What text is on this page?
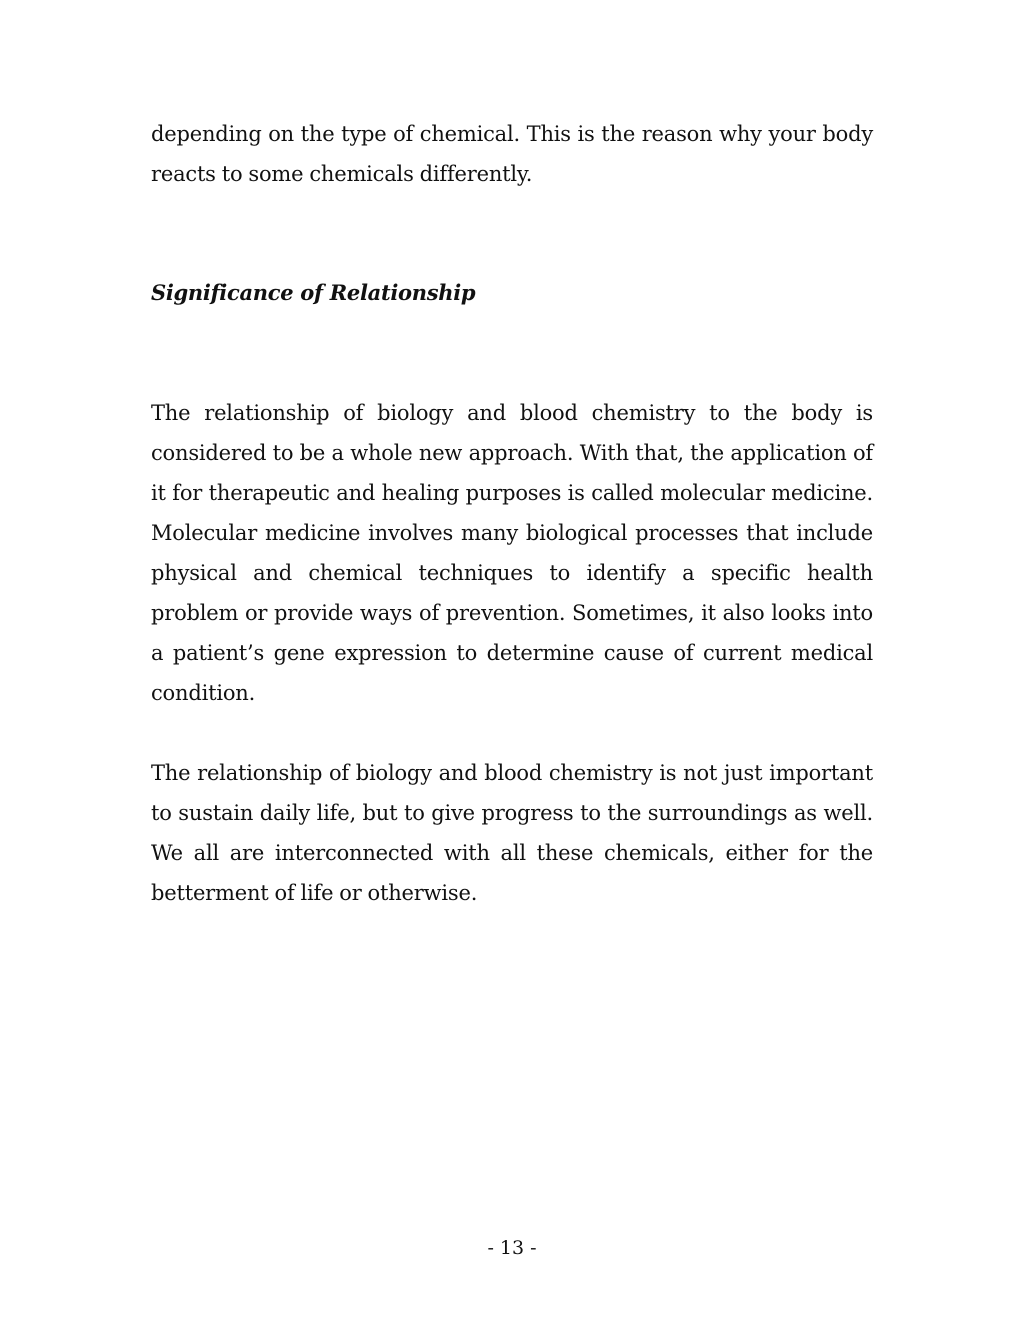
depending on the type of chemical. This is the reason why your body reacts to some chemicals differently.

Significance of Relationship

The relationship of biology and blood chemistry to the body is considered to be a whole new approach. With that, the application of it for therapeutic and healing purposes is called molecular medicine. Molecular medicine involves many biological processes that include physical and chemical techniques to identify a specific health problem or provide ways of prevention. Sometimes, it also looks into a patient’s gene expression to determine cause of current medical condition.

The relationship of biology and blood chemistry is not just important to sustain daily life, but to give progress to the surroundings as well. We all are interconnected with all these chemicals, either for the betterment of life or otherwise.

- 13 -
